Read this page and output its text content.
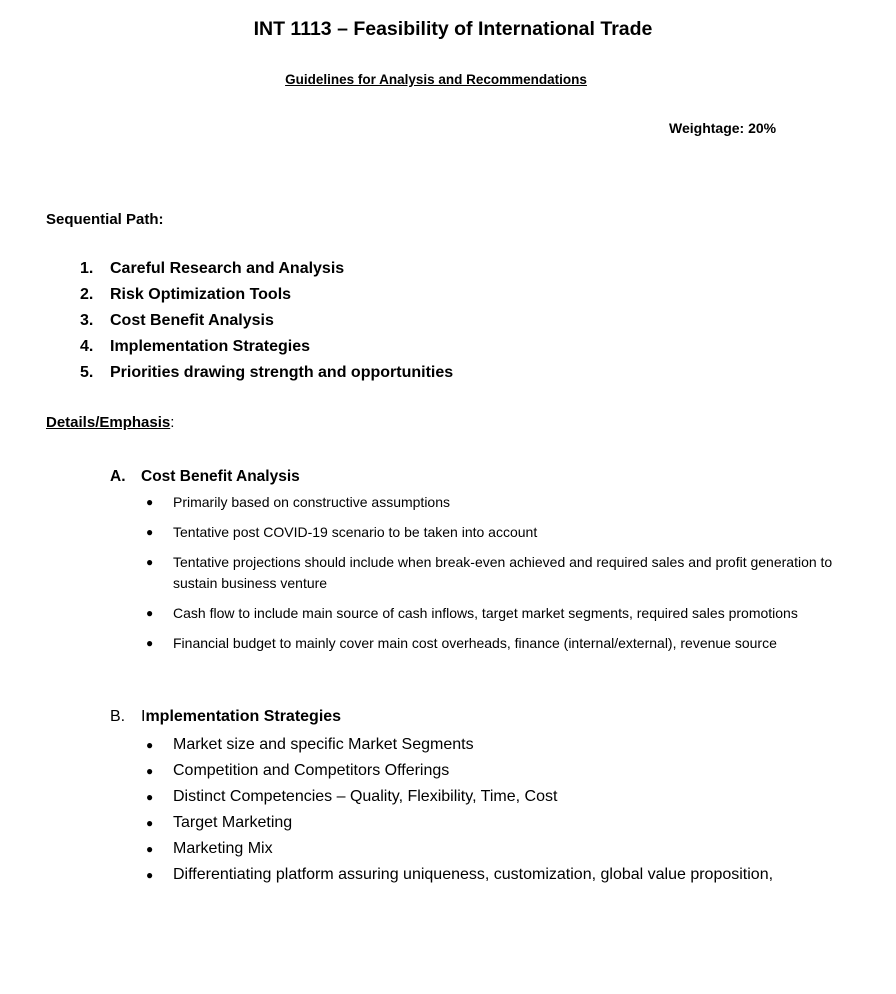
INT 1113 – Feasibility of International Trade
Guidelines for Analysis and Recommendations
Weightage: 20%
Sequential Path:
1. Careful Research and Analysis
2. Risk Optimization Tools
3. Cost Benefit Analysis
4. Implementation Strategies
5. Priorities drawing strength and opportunities
Details/Emphasis:
A. Cost Benefit Analysis
● Primarily based on constructive assumptions
● Tentative post COVID-19 scenario to be taken into account
● Tentative projections should include when break-even achieved and required sales and profit generation to sustain business venture
● Cash flow to include main source of cash inflows, target market segments, required sales promotions
● Financial budget to mainly cover main cost overheads, finance (internal/external), revenue source
B. Implementation Strategies
● Market size and specific Market Segments
● Competition and Competitors Offerings
● Distinct Competencies – Quality, Flexibility, Time, Cost
● Target Marketing
● Marketing Mix
● Differentiating platform assuring uniqueness, customization, global value proposition,
